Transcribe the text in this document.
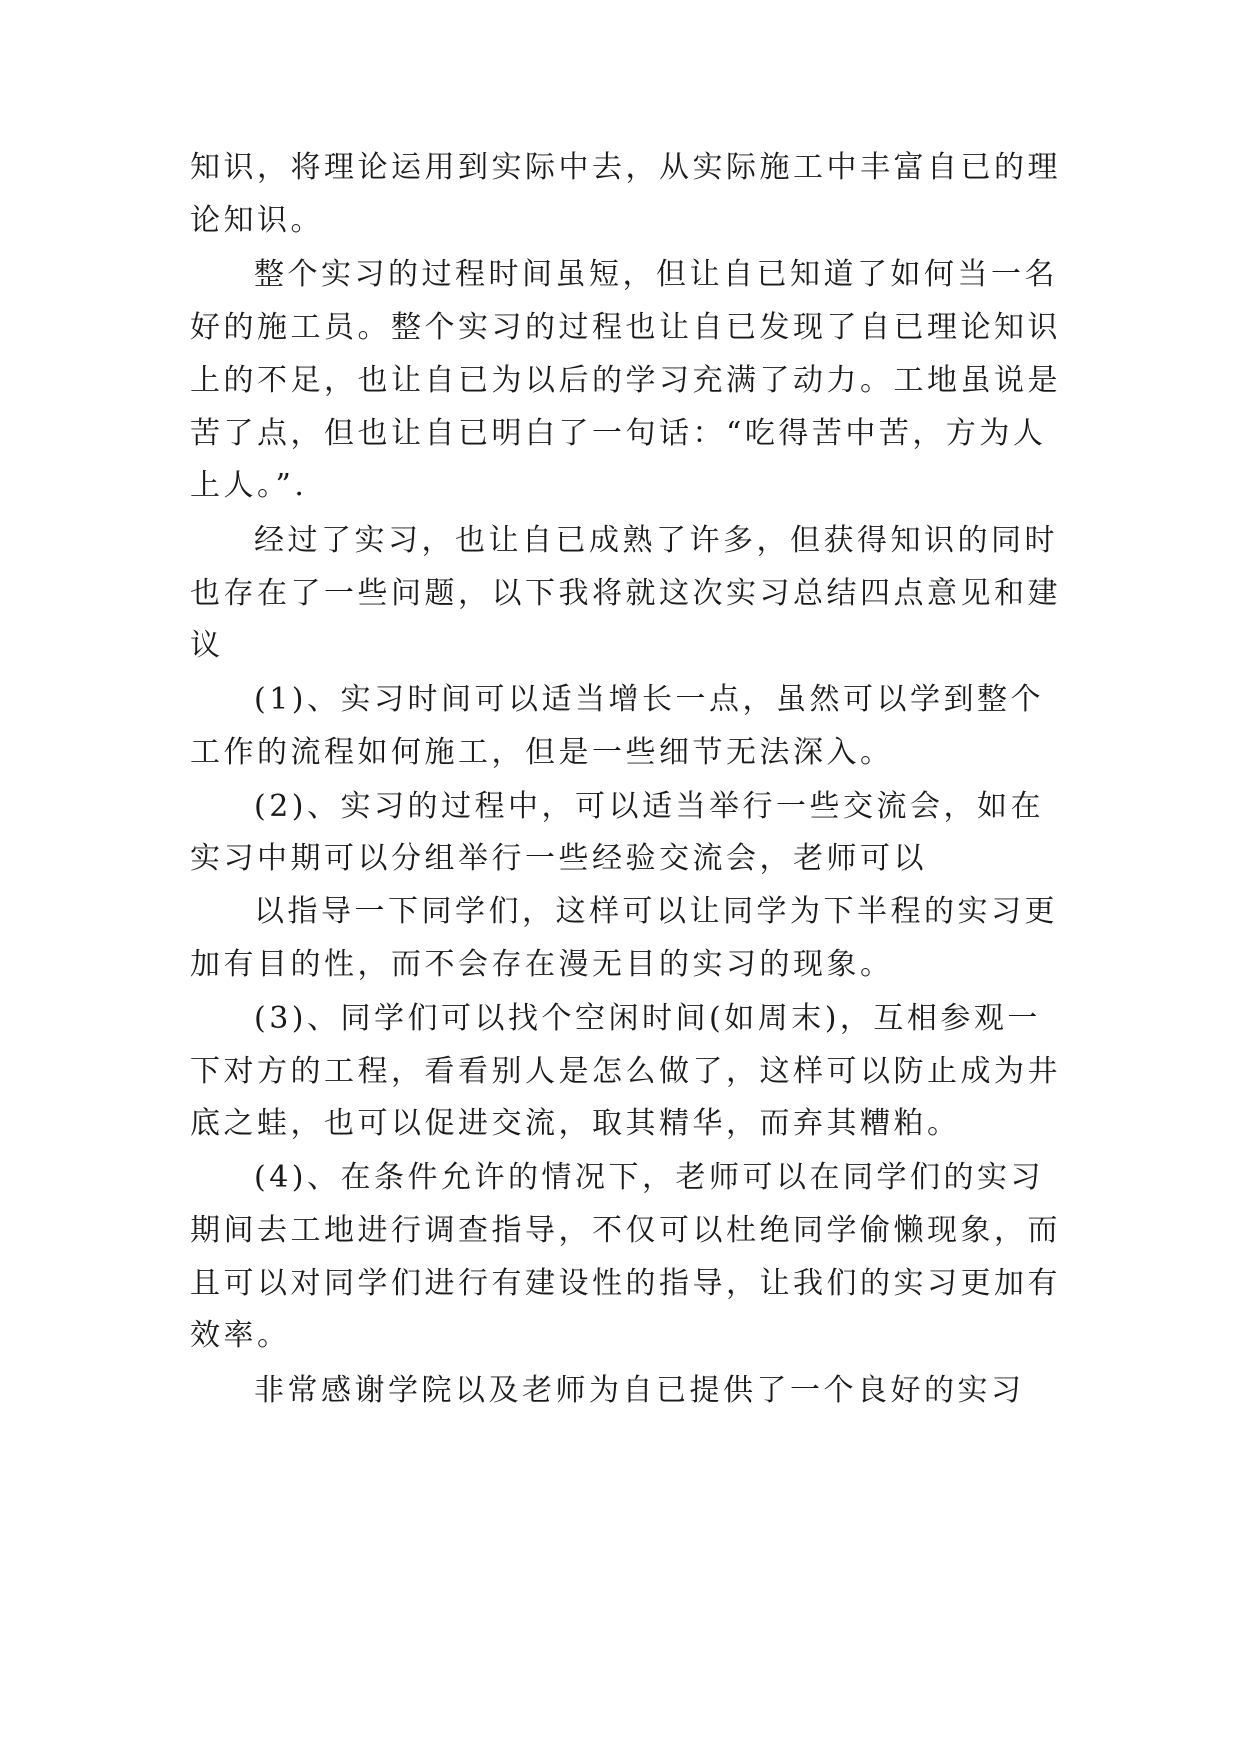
知识，将理论运用到实际中去，从实际施工中丰富自已的理
论知识。
整个实习的过程时间虽短，但让自已知道了如何当一名
好的施工员。整个实习的过程也让自已发现了自已理论知识
上的不足，也让自已为以后的学习充满了动力。工地虽说是
苦了点，但也让自已明白了一句话：“吃得苦中苦，方为人
上人。”.
经过了实习，也让自已成熟了许多，但获得知识的同时
也存在了一些问题，以下我将就这次实习总结四点意见和建
议
(1)、实习时间可以适当增长一点，虽然可以学到整个
工作的流程如何施工，但是一些细节无法深入。
(2)、实习的过程中，可以适当举行一些交流会，如在
实习中期可以分组举行一些经验交流会，老师可以
以指导一下同学们，这样可以让同学为下半程的实习更
加有目的性，而不会存在漫无目的实习的现象。
(3)、同学们可以找个空闲时间(如周末)，互相参观一
下对方的工程，看看别人是怎么做了，这样可以防止成为井
底之蛙，也可以促进交流，取其精华，而弃其糟粕。
(4)、在条件允许的情况下，老师可以在同学们的实习
期间去工地进行调查指导，不仅可以杜绝同学偷懒现象，而
且可以对同学们进行有建设性的指导，让我们的实习更加有
效率。
非常感谢学院以及老师为自已提供了一个良好的实习
